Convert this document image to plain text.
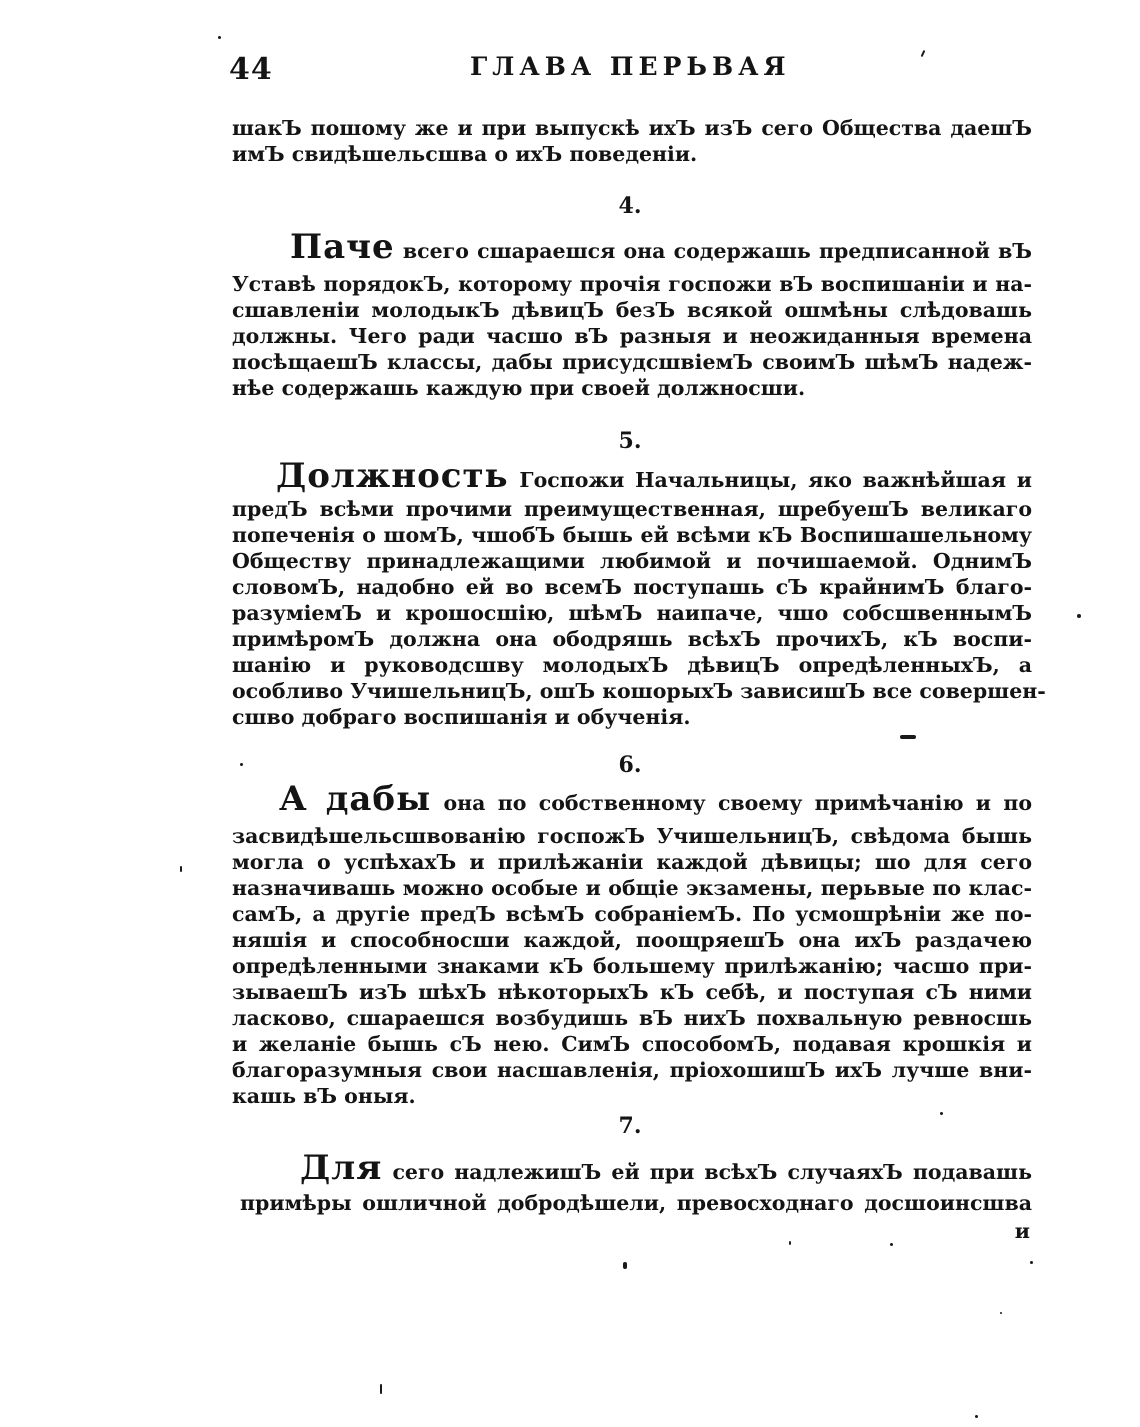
44	ГЛАВА ПЕРЬВАЯ
шакЪ пошому же и при выпускѣ ихЪ изЪ сего Общества даешЪ
имЪ свидѣшельсшва о ихЪ поведенiи.
4.
Паче всего сшараешся она содержашь предписанной вЪ
Уставѣ порядокЪ, которому прочiя госпожи вЪ воспишанiи и на-
сшавленiи молодыкЪ дѣвицЪ безЪ всякой ошмѣны слѣдовашь
должны. Чего ради часшо вЪ разныя и неожиданныя времена
посѣщаешЪ классы, дабы присудсшвiемЪ своимЪ шѣмЪ надеж-
нѣе содержашь каждую при своей должносши.
5.
Должность Госпожи Начальницы, яко важнѣйшая и
предЪ всѣми прочими преимущественная, шребуешЪ великаго
попеченiя о шомЪ, чшобЪ бышь ей всѣми кЪ Воспишашельному
Обществу принадлежащими любимой и почишаемой. ОднимЪ
словомЪ, надобно ей во всемЪ поступашь сЪ крайнимЪ благо-
разумiемЪ и крошосшiю, шѣмЪ наипаче, чшо собсшвеннымЪ
примѣромЪ должна она ободряшь всѣхЪ прочихЪ, кЪ воспи-
шанiю и руководсшву молодыхЪ дѣвицЪ опредѣленныхЪ, а
особливо УчишельницЪ, ошЪ кошорыхЪ зависишЪ все совершен-
сшво добраго воспишанiя и обученiя.
6.
А дабы она по собственному своему примѣчанiю и по
засвидѣшельсшвованiю госпожЪ УчишельницЪ, свѣдома бышь
могла о успѣхахЪ и прилѣжанiи каждой дѣвицы; шо для сего
назначивашь можно особые и общiе экзамены, перьвые по клас-
самЪ, а другiе предЪ всѣмЪ собранiемЪ. По усмошрѣнiи же по-
няшiя и способносши каждой, поощряешЪ она ихЪ раздачею
опредѣленными знаками кЪ большему прилѣжанiю; часшо при-
зываешЪ изЪ шѣхЪ нѣкоторыхЪ кЪ себѣ, и поступая сЪ ними
ласково, сшараешся возбудишь вЪ нихЪ похвальную ревносшь
и желанiе бышь сЪ нею. СимЪ способомЪ, подавая крошкiя и
благоразумныя свои насшавленiя, прiохошишЪ ихЪ лучше вни-
кашь вЪ оныя.
7.
Для сего надлежишЪ ей при всѣхЪ случаяхЪ подавашь
примѣры ошличной добродѣшели, превосходнаго досшоинсшва
и
